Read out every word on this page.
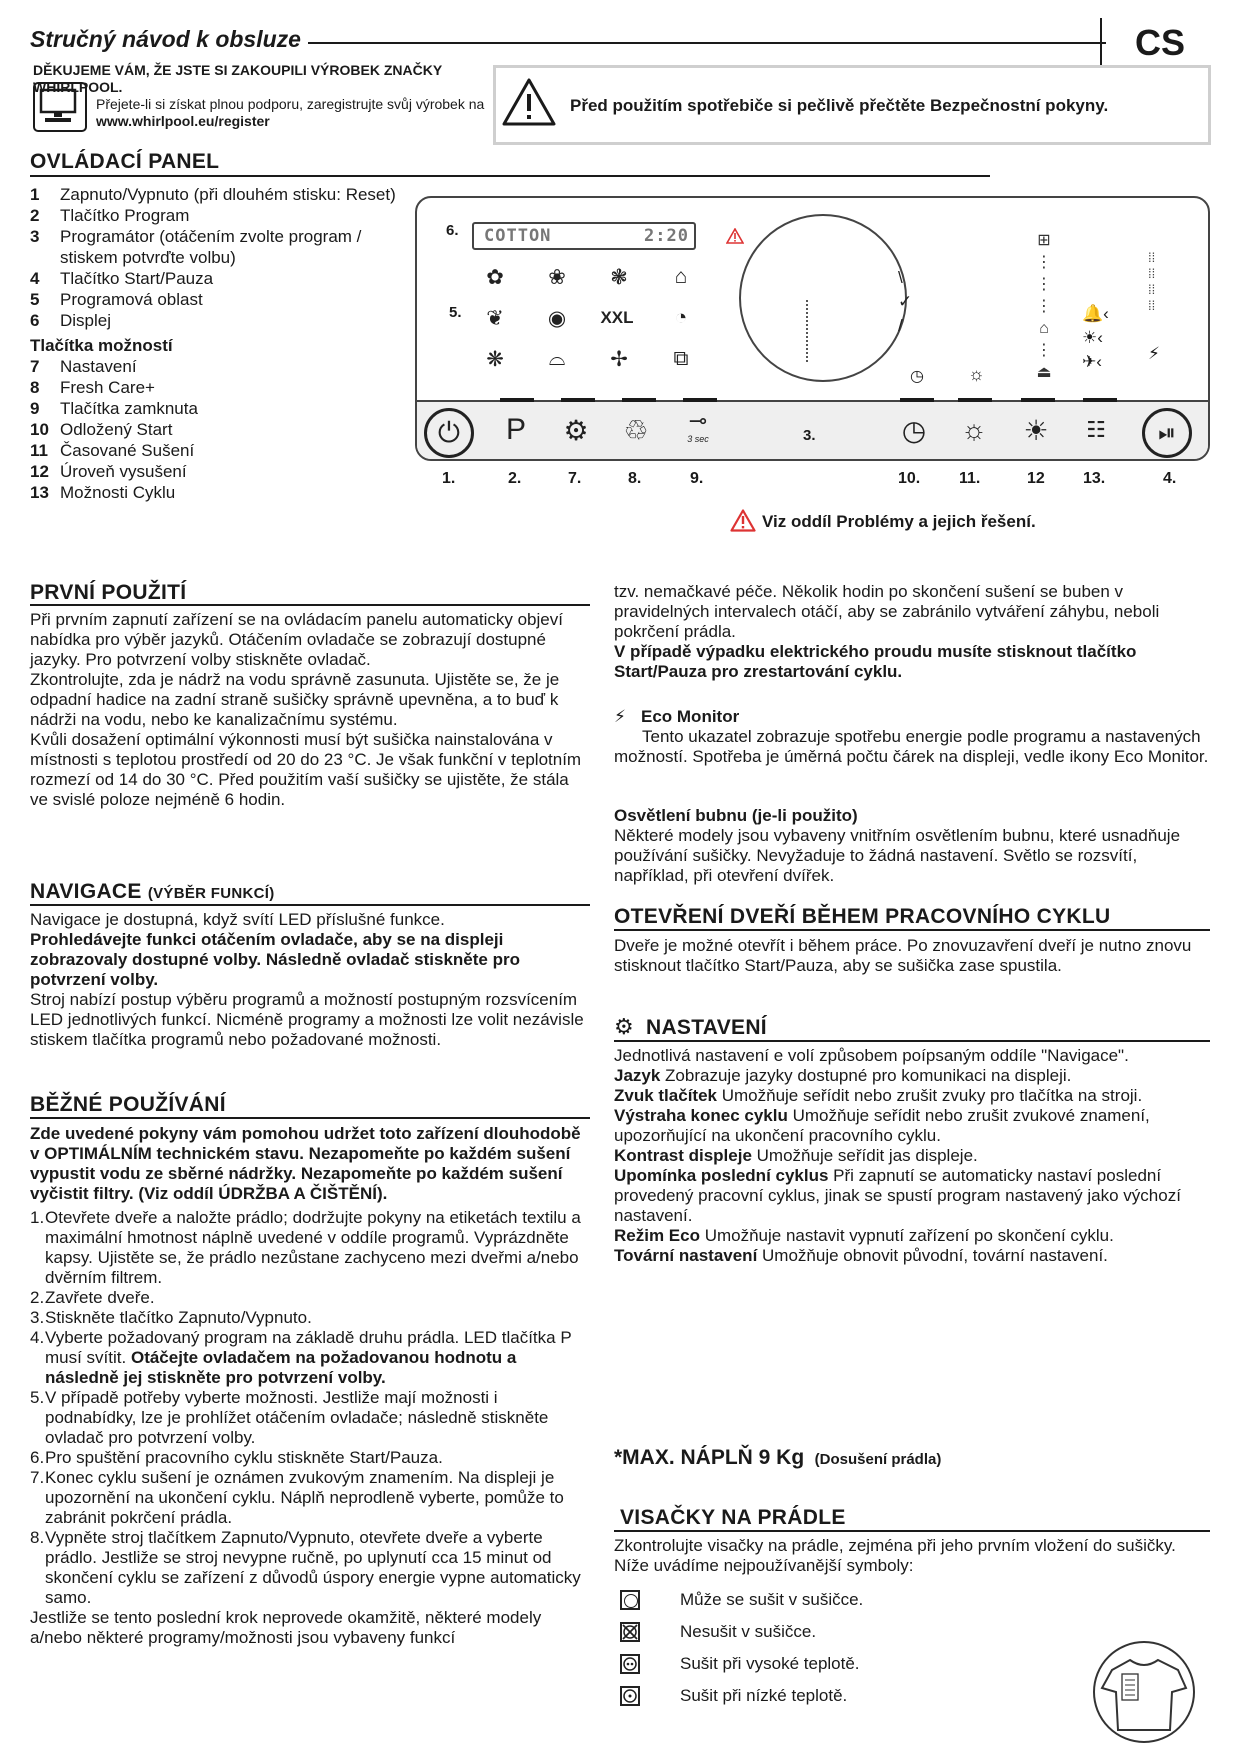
Stručný návod k obsluze	CS
DĚKUJEME VÁM, ŽE JSTE SI ZAKOUPILI VÝROBEK ZNAČKY WHIRLPOOL.
Přejete-li si získat plnou podporu, zaregistrujte svůj výrobek na www.whirlpool.eu/register
Před použitím spotřebiče si pečlivě přečtěte Bezpečnostní pokyny.
OVLÁDACÍ PANEL
1	Zapnuto/Vypnuto (při dlouhém stisku: Reset)
2	Tlačítko Program
3	Programátor (otáčením zvolte program / stiskem potvrďte volbu)
4	Tlačítko Start/Pauza
5	Programová oblast
6	Displej
Tlačítka možností
7	Nastavení
8	Fresh Care+
9	Tlačítka zamknuta
10 Odložený Start
11 Časované Sušení
12 Úroveň vysušení
13 Možnosti Cyklu
6.
5.
COTTON	2:20
✿	❀	❃	⌂
❦	◉	XXL	◔
❋	⌓	✢	⧉
\
✓
/
◷ ☼
⊞
⋮
⋮
⋮
⌂
⋮
⏏
🔔‹
☀‹
✈‹
⁞⁞
⁞⁞
⁞⁞
⁞⁞
⚡
⏻	P	⚙	♲	⊸
3 sec	3.	◷	☼	☀	☷	⏯
1.	2.	7.	8.	9.	10. 11.	12 13.	4.
Viz oddíl Problémy a jejich řešení.
PRVNÍ POUŽITÍ

Při prvním zapnutí zařízení se na ovládacím panelu automaticky objeví nabídka pro výběr jazyků. Otáčením ovladače se zobrazují dostupné jazyky. Pro potvrzení volby stiskněte ovladač.

Zkontrolujte, zda je nádrž na vodu správně zasunuta. Ujistěte se, že je odpadní hadice na zadní straně sušičky správně upevněna, a to buď k nádrži na vodu, nebo ke kanalizačnímu systému.

Kvůli dosažení optimální výkonnosti musí být sušička nainstalována v místnosti s teplotou prostředí od 20 do 23 °C. Je však funkční v teplotním rozmezí od 14 do 30 °C. Před použitím vaší sušičky se ujistěte, že stála ve svislé poloze nejméně 6 hodin.

NAVIGACE (VÝBĚR FUNKCÍ)

Navigace je dostupná, když svítí LED příslušné funkce.

Prohledávejte funkci otáčením ovladače, aby se na displeji zobrazovaly dostupné volby. Následně ovladač stiskněte pro potvrzení volby.

Stroj nabízí postup výběru programů a možností postupným rozsvícením LED jednotlivých funkcí. Nicméně programy a možnosti lze volit nezávisle stiskem tlačítka programů nebo požadované možnosti.

BĚŽNÉ POUŽÍVÁNÍ

Zde uvedené pokyny vám pomohou udržet toto zařízení dlouhodobě v OPTIMÁLNÍM technickém stavu. Nezapomeňte po každém sušení vypustit vodu ze sběrné nádržky. Nezapomeňte po každém sušení vyčistit filtry. (Viz oddíl ÚDRŽBA A ČIŠTĚNÍ).

1. Otevřete dveře a naložte prádlo; dodržujte pokyny na etiketách textilu a maximální hmotnost náplně uvedené v oddíle programů. Vyprázdněte kapsy. Ujistěte se, že prádlo nezůstane zachyceno mezi dveřmi a/nebo dvěrním filtrem.
2. Zavřete dveře.
3. Stiskněte tlačítko Zapnuto/Vypnuto.
4. Vyberte požadovaný program na základě druhu prádla. LED tlačítka P musí svítit. Otáčejte ovladačem na požadovanou hodnotu a následně jej stiskněte pro potvrzení volby.
5. V případě potřeby vyberte možnosti. Jestliže mají možnosti i podnabídky, lze je prohlížet otáčením ovladače; následně stiskněte ovladač pro potvrzení volby.
6. Pro spuštění pracovního cyklu stiskněte Start/Pauza.
7. Konec cyklu sušení je oznámen zvukovým znamením. Na displeji je upozornění na ukončení cyklu. Náplň neprodleně vyberte, pomůže to zabránit pokrčení prádla.
8. Vypněte stroj tlačítkem Zapnuto/Vypnuto, otevřete dveře a vyberte prádlo. Jestliže se stroj nevypne ručně, po uplynutí cca 15 minut od skončení cyklu se zařízení z důvodů úspory energie vypne automaticky samo.

Jestliže se tento poslední krok neprovede okamžitě, některé modely a/nebo některé programy/možnosti jsou vybaveny funkcí

tzv. nemačkavé péče. Několik hodin po skončení sušení se buben v pravidelných intervalech otáčí, aby se zabránilo vytváření záhybu, neboli pokrčení prádla.

V případě výpadku elektrického proudu musíte stisknout tlačítko Start/Pauza pro zrestartování cyklu.

⚡ Eco Monitor
Tento ukazatel zobrazuje spotřebu energie podle programu a nastavených možností. Spotřeba je úměrná počtu čárek na displeji, vedle ikony Eco Monitor.
Osvětlení bubnu (je-li použito)
Některé modely jsou vybaveny vnitřním osvětlením bubnu, které usnadňuje používání sušičky. Nevyžaduje to žádná nastavení. Světlo se rozsvítí, například, při otevření dvířek.
OTEVŘENÍ DVEŘÍ BĚHEM PRACOVNÍHO CYKLU
Dveře je možné otevřít i během práce. Po znovuzavření dveří je nutno znovu stisknout tlačítko Start/Pauza, aby se sušička zase spustila.
⚙ NASTAVENÍ

Jednotlivá nastavení e volí způsobem poípsaným oddíle "Navigace".

Jazyk Zobrazuje jazyky dostupné pro komunikaci na displeji.

Zvuk tlačítek Umožňuje seřídit nebo zrušit zvuky pro tlačítka na stroji.

Výstraha konec cyklu Umožňuje seřídit nebo zrušit zvukové znamení, upozorňující na ukončení pracovního cyklu.

Kontrast displeje Umožňuje seřídit jas displeje.

Upomínka poslední cyklus Při zapnutí se automaticky nastaví poslední provedený pracovní cyklus, jinak se spustí program nastavený jako výchozí nastavení.

Režim Eco Umožňuje nastavit vypnutí zařízení po skončení cyklu.

Tovární nastavení Umožňuje obnovit původní, tovární nastavení.

*MAX. NÁPLŇ 9 Kg (Dosušení prádla)
VISAČKY NA PRÁDLE
Zkontrolujte visačky na prádle, zejména při jeho prvním vložení do sušičky. Níže uvádíme nejpoužívanější symboly:
Může se sušit v sušičce.
Nesušit v sušičce.
Sušit při vysoké teplotě.
Sušit při nízké teplotě.
